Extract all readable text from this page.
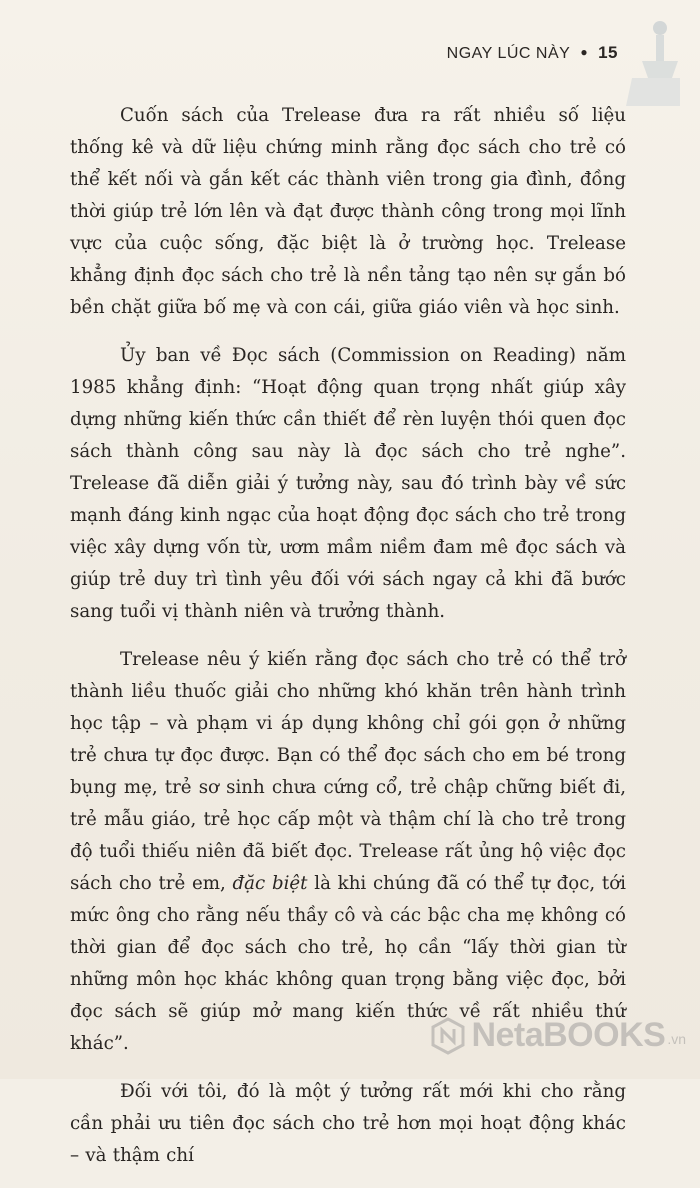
NGAY LÚC NÀY ● 15

Cuốn sách của Trelease đưa ra rất nhiều số liệu thống kê và dữ liệu chứng minh rằng đọc sách cho trẻ có thể kết nối và gắn kết các thành viên trong gia đình, đồng thời giúp trẻ lớn lên và đạt được thành công trong mọi lĩnh vực của cuộc sống, đặc biệt là ở trường học. Trelease khẳng định đọc sách cho trẻ là nền tảng tạo nên sự gắn bó bền chặt giữa bố mẹ và con cái, giữa giáo viên và học sinh.

Ủy ban về Đọc sách (Commission on Reading) năm 1985 khẳng định: “Hoạt động quan trọng nhất giúp xây dựng những kiến thức cần thiết để rèn luyện thói quen đọc sách thành công sau này là đọc sách cho trẻ nghe”. Trelease đã diễn giải ý tưởng này, sau đó trình bày về sức mạnh đáng kinh ngạc của hoạt động đọc sách cho trẻ trong việc xây dựng vốn từ, ươm mầm niềm đam mê đọc sách và giúp trẻ duy trì tình yêu đối với sách ngay cả khi đã bước sang tuổi vị thành niên và trưởng thành.

Trelease nêu ý kiến rằng đọc sách cho trẻ có thể trở thành liều thuốc giải cho những khó khăn trên hành trình học tập – và phạm vi áp dụng không chỉ gói gọn ở những trẻ chưa tự đọc được. Bạn có thể đọc sách cho em bé trong bụng mẹ, trẻ sơ sinh chưa cứng cổ, trẻ chập chững biết đi, trẻ mẫu giáo, trẻ học cấp một và thậm chí là cho trẻ trong độ tuổi thiếu niên đã biết đọc. Trelease rất ủng hộ việc đọc sách cho trẻ em, đặc biệt là khi chúng đã có thể tự đọc, tới mức ông cho rằng nếu thầy cô và các bậc cha mẹ không có thời gian để đọc sách cho trẻ, họ cần “lấy thời gian từ những môn học khác không quan trọng bằng việc đọc, bởi đọc sách sẽ giúp mở mang kiến thức về rất nhiều thứ khác”.

Đối với tôi, đó là một ý tưởng rất mới khi cho rằng cần phải ưu tiên đọc sách cho trẻ hơn mọi hoạt động khác – và thậm chí

NetaBOOKS .vn
